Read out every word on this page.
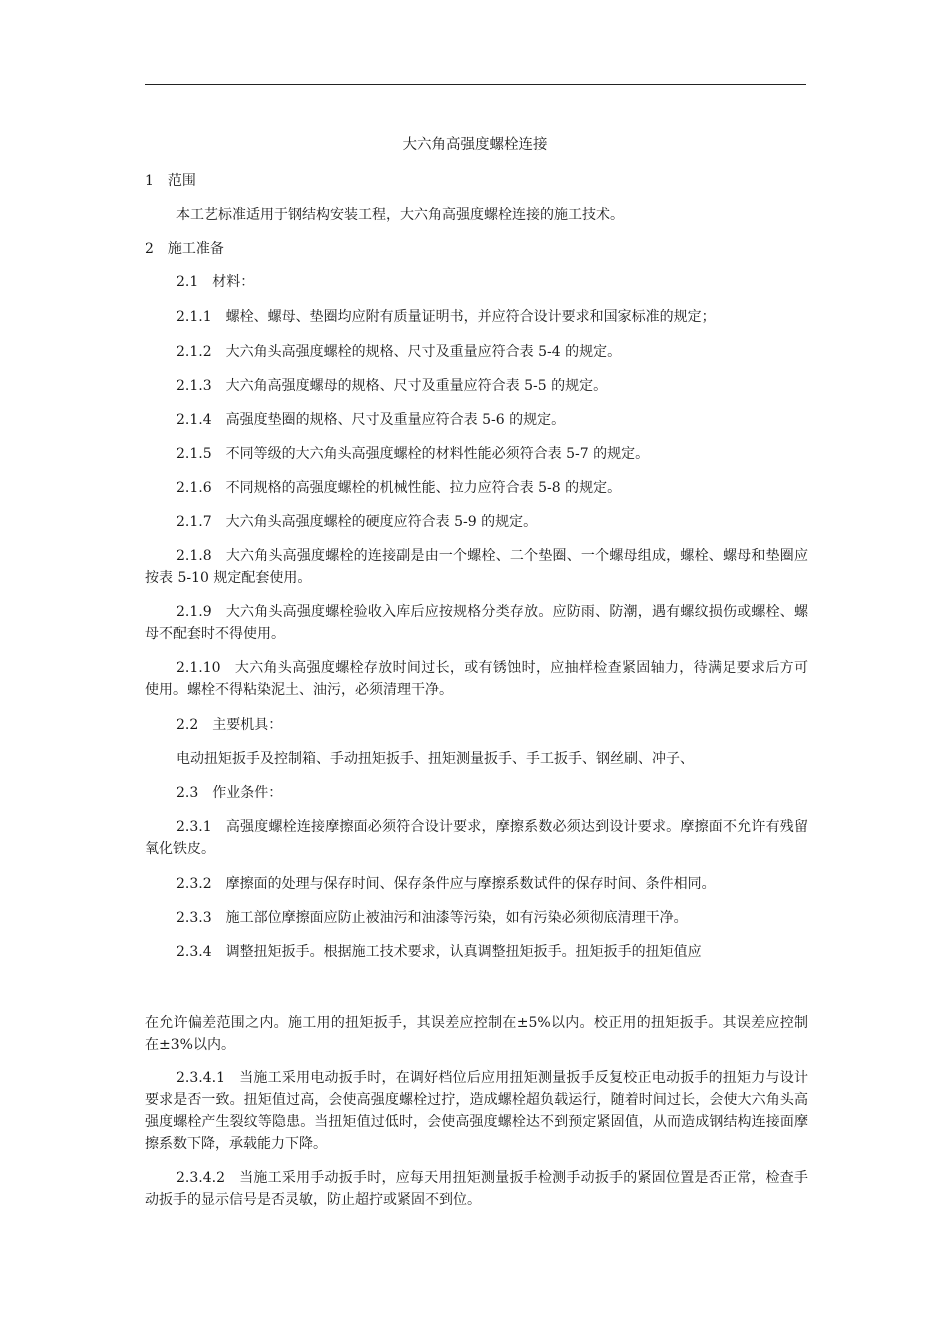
大六角高强度螺栓连接
1 范围
本工艺标准适用于钢结构安装工程，大六角高强度螺栓连接的施工技术。
2 施工准备
2.1 材料：
2.1.1 螺栓、螺母、垫圈均应附有质量证明书，并应符合设计要求和国家标准的规定；
2.1.2 大六角头高强度螺栓的规格、尺寸及重量应符合表 5-4 的规定。
2.1.3 大六角高强度螺母的规格、尺寸及重量应符合表 5-5 的规定。
2.1.4 高强度垫圈的规格、尺寸及重量应符合表 5-6 的规定。
2.1.5 不同等级的大六角头高强度螺栓的材料性能必须符合表 5-7 的规定。
2.1.6 不同规格的高强度螺栓的机械性能、拉力应符合表 5-8 的规定。
2.1.7 大六角头高强度螺栓的硬度应符合表 5-9 的规定。
2.1.8 大六角头高强度螺栓的连接副是由一个螺栓、二个垫圈、一个螺母组成，螺栓、螺母和垫圈应按表 5-10 规定配套使用。
2.1.9 大六角头高强度螺栓验收入库后应按规格分类存放。应防雨、防潮，遇有螺纹损伤或螺栓、螺母不配套时不得使用。
2.1.10 大六角头高强度螺栓存放时间过长，或有锈蚀时，应抽样检查紧固轴力，待满足要求后方可使用。螺栓不得粘染泥土、油污，必须清理干净。
2.2 主要机具：
电动扭矩扳手及控制箱、手动扭矩扳手、扭矩测量扳手、手工扳手、钢丝刷、冲子、
2.3 作业条件：
2.3.1 高强度螺栓连接摩擦面必须符合设计要求，摩擦系数必须达到设计要求。摩擦面不允许有残留氧化铁皮。
2.3.2 摩擦面的处理与保存时间、保存条件应与摩擦系数试件的保存时间、条件相同。
2.3.3 施工部位摩擦面应防止被油污和油漆等污染，如有污染必须彻底清理干净。
2.3.4 调整扭矩扳手。根据施工技术要求，认真调整扭矩扳手。扭矩扳手的扭矩值应
在允许偏差范围之内。施工用的扭矩扳手，其误差应控制在±5%以内。校正用的扭矩扳手。其误差应控制在±3%以内。
2.3.4.1 当施工采用电动扳手时，在调好档位后应用扭矩测量扳手反复校正电动扳手的扭矩力与设计要求是否一致。扭矩值过高，会使高强度螺栓过拧，造成螺栓超负载运行，随着时间过长，会使大六角头高强度螺栓产生裂纹等隐患。当扭矩值过低时，会使高强度螺栓达不到预定紧固值，从而造成钢结构连接面摩擦系数下降，承载能力下降。
2.3.4.2 当施工采用手动扳手时，应每天用扭矩测量扳手检测手动扳手的紧固位置是否正常，检查手动扳手的显示信号是否灵敏，防止超拧或紧固不到位。
